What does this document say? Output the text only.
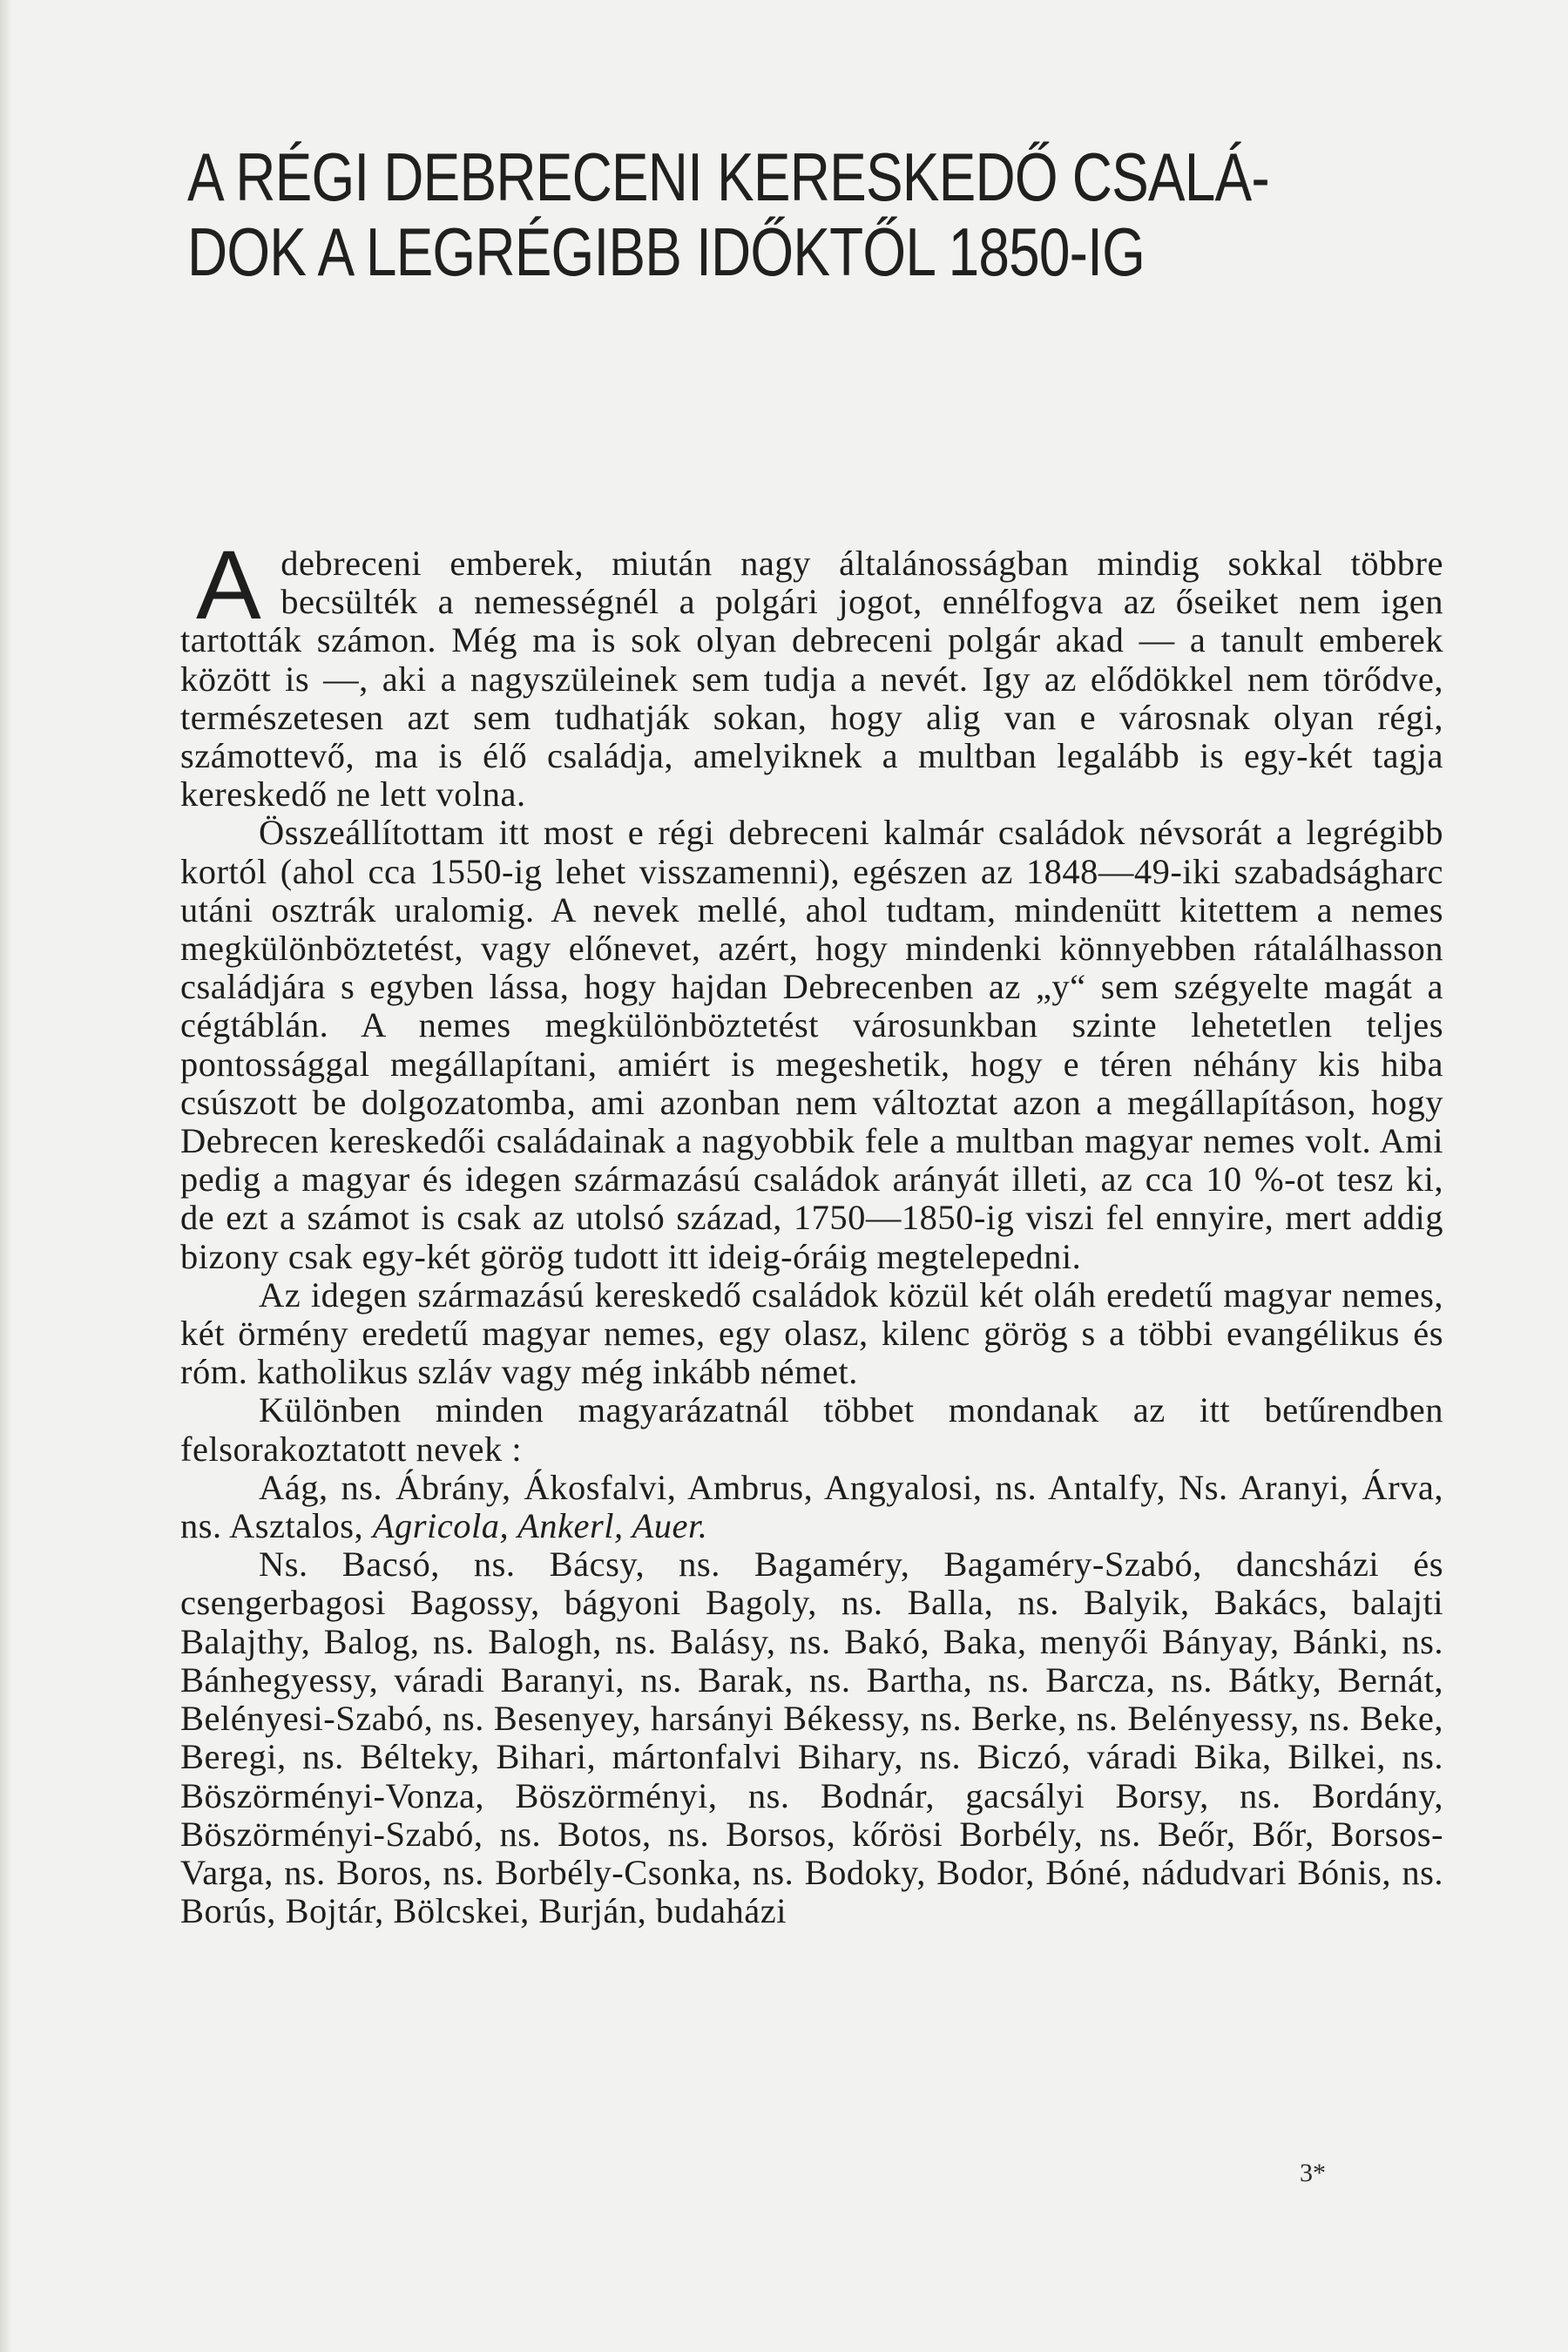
A RÉGI DEBRECENI KERESKEDŐ CSALÁ-
DOK A LEGRÉGIBB IDŐKTŐL 1850-IG

Adebreceni emberek, miután nagy általánosságban mindig sokkal többre becsülték a nemességnél a polgári jogot, ennélfogva az őseiket nem igen tartották számon. Még ma is sok olyan debreceni polgár akad — a tanult emberek között is —, aki a nagyszüleinek sem tudja a nevét. Igy az elődökkel nem törődve, természetesen azt sem tudhatják sokan, hogy alig van e városnak olyan régi, számottevő, ma is élő családja, amelyiknek a multban legalább is egy-két tagja kereskedő ne lett volna.

Összeállítottam itt most e régi debreceni kalmár családok névsorát a legrégibb kortól (ahol cca 1550-ig lehet visszamenni), egészen az 1848—49-iki szabadságharc utáni osztrák uralomig. A nevek mellé, ahol tudtam, mindenütt kitettem a nemes megkülönböztetést, vagy előnevet, azért, hogy mindenki könnyebben rátalálhasson családjára s egyben lássa, hogy hajdan Debrecenben az „y“ sem szégyelte magát a cégtáblán. A nemes megkülönböztetést városunkban szinte lehetetlen teljes pontossággal megállapítani, amiért is megeshetik, hogy e téren néhány kis hiba csúszott be dolgozatomba, ami azonban nem változtat azon a megállapításon, hogy Debrecen kereskedői családainak a nagyobbik fele a multban magyar nemes volt. Ami pedig a magyar és idegen származású családok arányát illeti, az cca 10 %-ot tesz ki, de ezt a számot is csak az utolsó század, 1750—1850-ig viszi fel ennyire, mert addig bizony csak egy-két görög tudott itt ideig-óráig megtelepedni.

Az idegen származású kereskedő családok közül két oláh eredetű magyar nemes, két örmény eredetű magyar nemes, egy olasz, kilenc görög s a többi evangélikus és róm. katholikus szláv vagy még inkább német.

Különben minden magyarázatnál többet mondanak az itt betűrendben felsorakoztatott nevek :

Aág, ns. Ábrány, Ákosfalvi, Ambrus, Angyalosi, ns. Antalfy, Ns. Aranyi, Árva, ns. Asztalos, Agricola, Ankerl, Auer.

Ns. Bacsó, ns. Bácsy, ns. Bagaméry, Bagaméry-Szabó, dancsházi és csengerbagosi Bagossy, bágyoni Bagoly, ns. Balla, ns. Balyik, Bakács, balajti Balajthy, Balog, ns. Balogh, ns. Balásy, ns. Bakó, Baka, menyői Bányay, Bánki, ns. Bánhegyessy, váradi Baranyi, ns. Barak, ns. Bartha, ns. Barcza, ns. Bátky, Bernát, Belényesi-Szabó, ns. Besenyey, harsányi Békessy, ns. Berke, ns. Belényessy, ns. Beke, Beregi, ns. Bélteky, Bihari, mártonfalvi Bihary, ns. Biczó, váradi Bika, Bilkei, ns. Böszörményi-Vonza, Böszörményi, ns. Bodnár, gacsályi Borsy, ns. Bordány, Böszörményi-Szabó, ns. Botos, ns. Borsos, kőrösi Borbély, ns. Beőr, Bőr, Borsos-Varga, ns. Boros, ns. Borbély-Csonka, ns. Bodoky, Bodor, Bóné, nádudvari Bónis, ns. Borús, Bojtár, Bölcskei, Burján, budaházi

3*
